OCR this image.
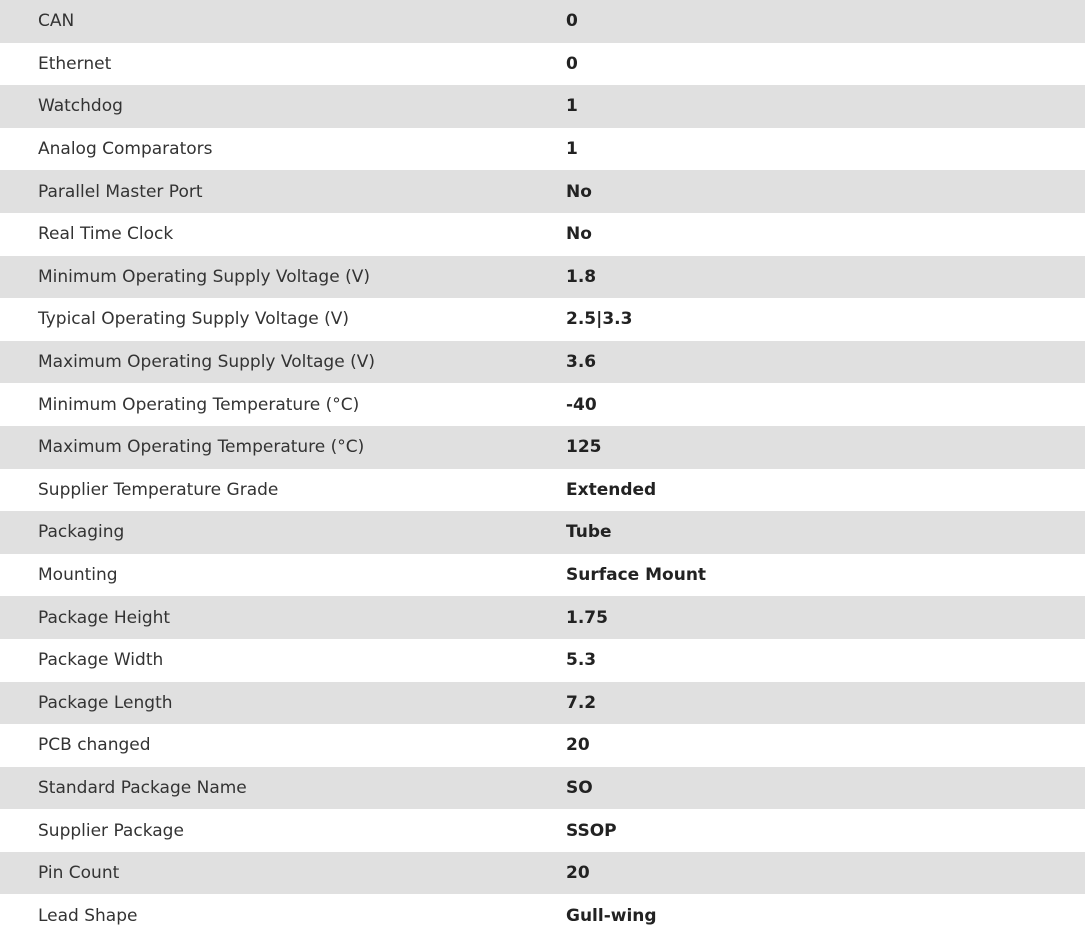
CAN	0
Ethernet	0
Watchdog	1
Analog Comparators	1
Parallel Master Port	No
Real Time Clock	No
Minimum Operating Supply Voltage (V)	1.8
Typical Operating Supply Voltage (V)	2.5|3.3
Maximum Operating Supply Voltage (V)	3.6
Minimum Operating Temperature (°C)	-40
Maximum Operating Temperature (°C)	125
Supplier Temperature Grade	Extended
Packaging	Tube
Mounting	Surface Mount
Package Height	1.75
Package Width	5.3
Package Length	7.2
PCB changed	20
Standard Package Name	SO
Supplier Package	SSOP
Pin Count	20
Lead Shape	Gull-wing
